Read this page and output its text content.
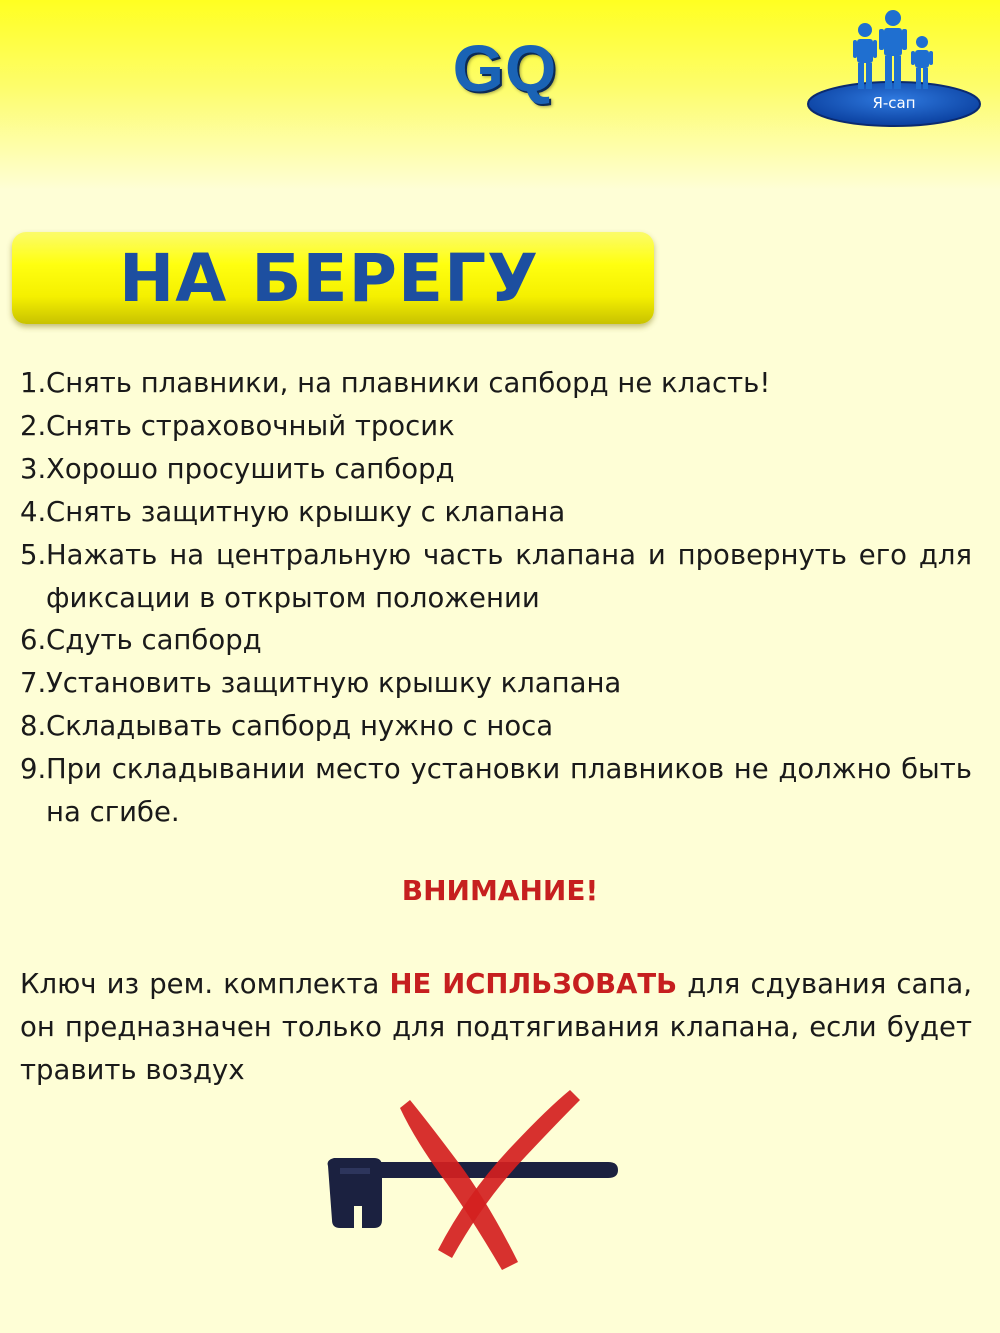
GQ	Я-сап
НА БЕРЕГУ
1. Снять плавники, на плавники сапборд не класть!
2. Снять страховочный тросик
3. Хорошо просушить сапборд
4. Снять защитную крышку с клапана
5. Нажать на центральную часть клапана и провернуть его для фиксации в открытом положении
6. Сдуть сапборд
7. Установить защитную крышку клапана
8. Складывать сапборд нужно с носа
9. При складывании место установки плавников не должно быть на сгибе.
ВНИМАНИЕ!
Ключ из рем. комплекта НЕ ИСПЛЬЗОВАТЬ для сдувания сапа, он предназначен только для подтягивания клапана, если будет травить воздух
